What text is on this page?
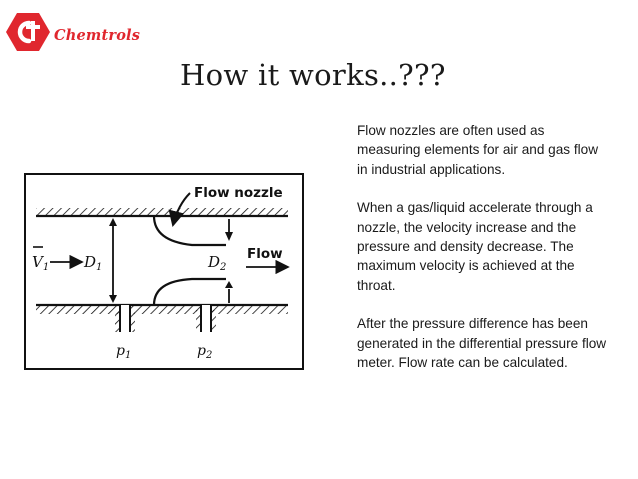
Chemtrols
How it works..???
Flow nozzle
Flow
$V_1$ $D_1$	$D_2$
$p_1$	$p_2$

Flow nozzles are often used as measuring elements for air and gas flow in industrial applications.

When a gas/liquid accelerate through a nozzle, the velocity increase and the pressure and density decrease. The maximum velocity is achieved at the throat.

After the pressure difference has been generated in the differential pressure flow meter. Flow rate can be calculated.
